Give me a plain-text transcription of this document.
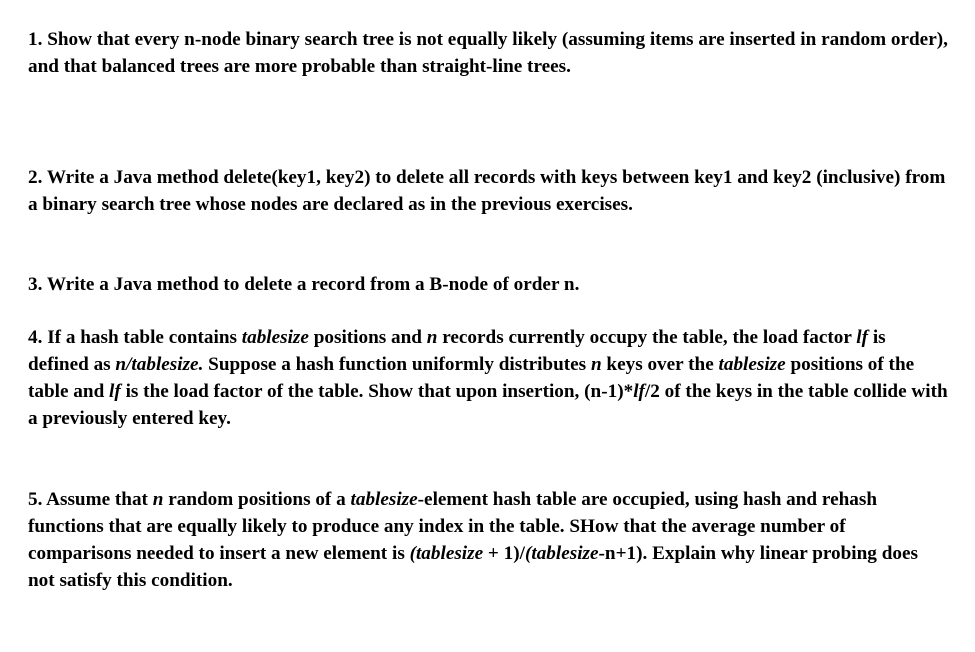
1. Show that every n-node binary search tree is not equally likely (assuming items are inserted in random order), and that balanced trees are more probable than straight-line trees.

2. Write a Java method delete(key1, key2) to delete all records with keys between key1 and key2 (inclusive) from a binary search tree whose nodes are declared as in the previous exercises.

3. Write a Java method to delete a record from a B-node of order n.

4. If a hash table contains tablesize positions and n records currently occupy the table, the load factor lf is defined as n/tablesize. Suppose a hash function uniformly distributes n keys over the tablesize positions of the table and lf is the load factor of the table. Show that upon insertion, (n-1)*lf/2 of the keys in the table collide with a previously entered key.

5. Assume that n random positions of a tablesize-element hash table are occupied, using hash and rehash functions that are equally likely to produce any index in the table. SHow that the average number of comparisons needed to insert a new element is (tablesize + 1)/(tablesize-n+1). Explain why linear probing does not satisfy this condition.
